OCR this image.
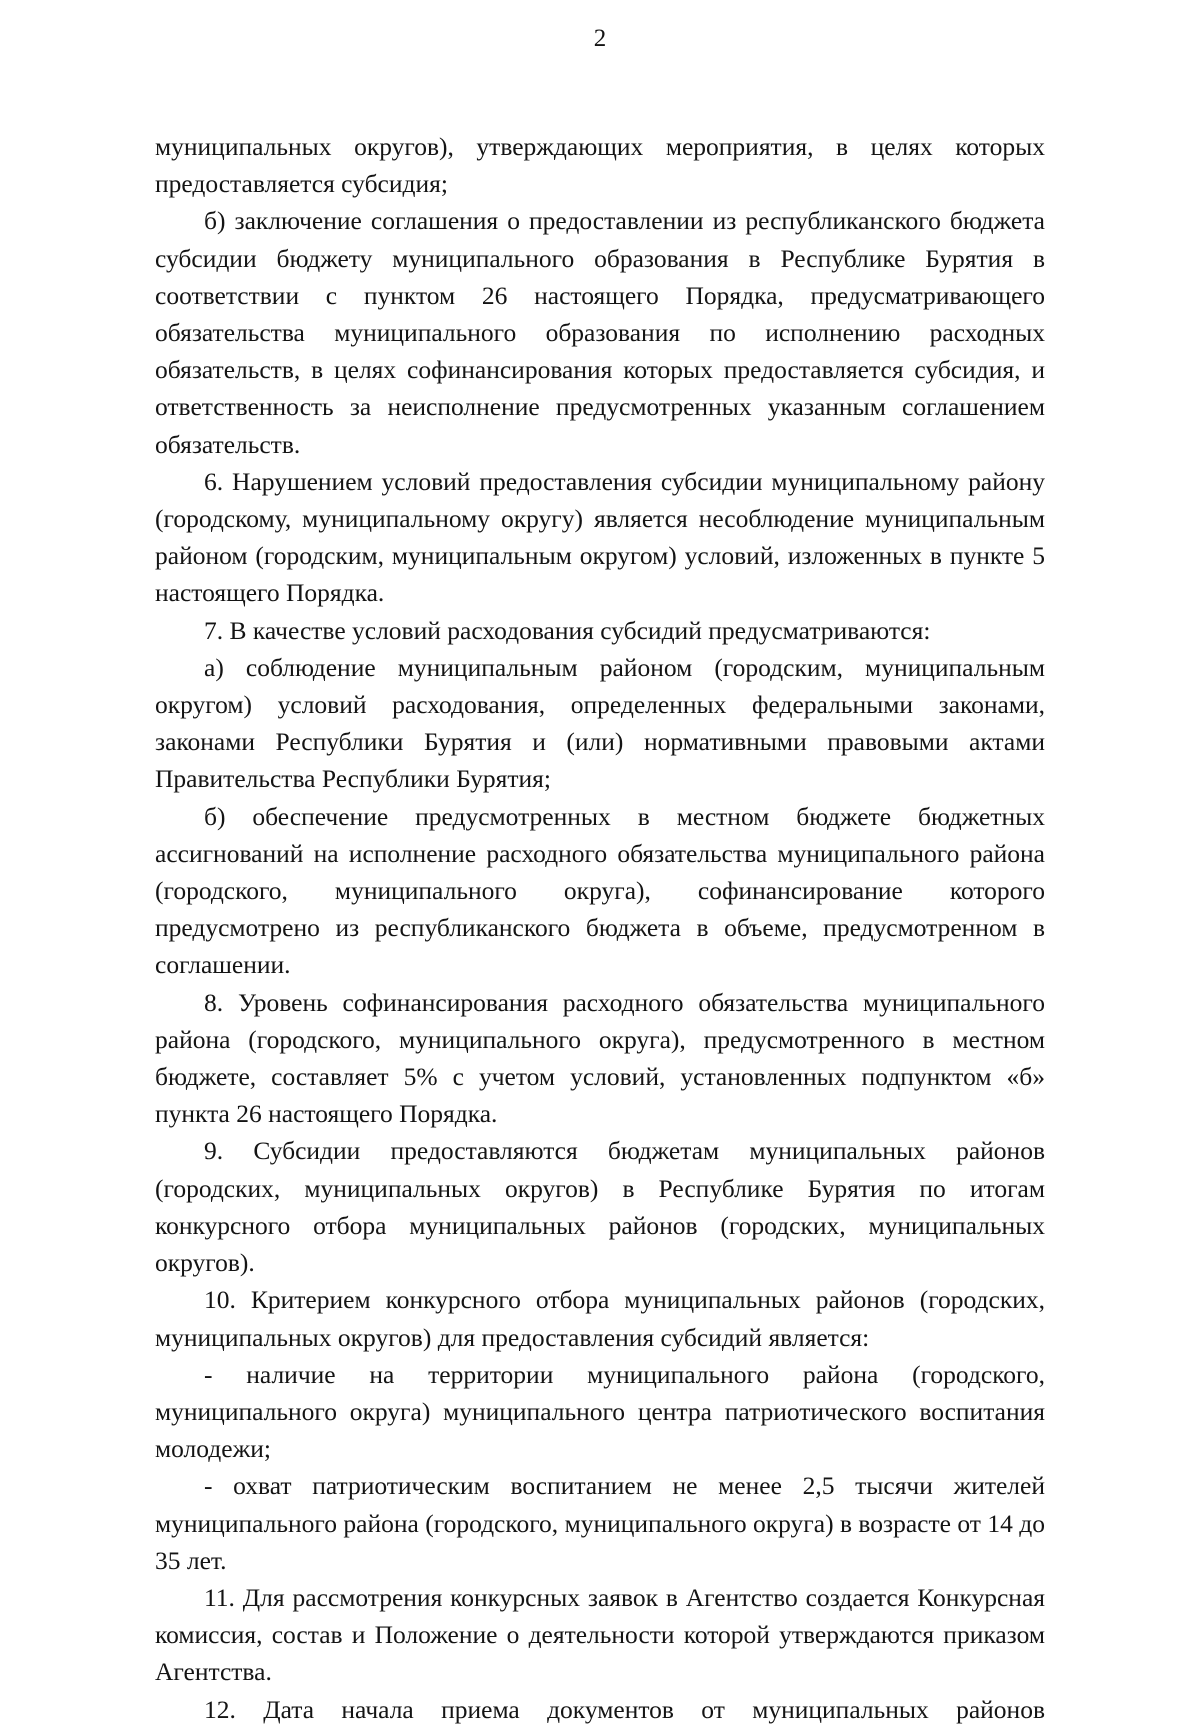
2

муниципальных округов), утверждающих мероприятия, в целях которых предоставляется субсидия;

б) заключение соглашения о предоставлении из республиканского бюджета субсидии бюджету муниципального образования в Республике Бурятия в соответствии с пунктом 26 настоящего Порядка, предусматривающего обязательства муниципального образования по исполнению расходных обязательств, в целях софинансирования которых предоставляется субсидия, и ответственность за неисполнение предусмотренных указанным соглашением обязательств.

6. Нарушением условий предоставления субсидии муниципальному району (городскому, муниципальному округу) является несоблюдение муниципальным районом (городским, муниципальным округом) условий, изложенных в пункте 5 настоящего Порядка.

7. В качестве условий расходования субсидий предусматриваются:

а) соблюдение муниципальным районом (городским, муниципальным округом) условий расходования, определенных федеральными законами, законами Республики Бурятия и (или) нормативными правовыми актами Правительства Республики Бурятия;

б) обеспечение предусмотренных в местном бюджете бюджетных ассигнований на исполнение расходного обязательства муниципального района (городского, муниципального округа), софинансирование которого предусмотрено из республиканского бюджета в объеме, предусмотренном в соглашении.

8. Уровень софинансирования расходного обязательства муниципального района (городского, муниципального округа), предусмотренного в местном бюджете, составляет 5% с учетом условий, установленных подпунктом «б» пункта 26 настоящего Порядка.

9. Субсидии предоставляются бюджетам муниципальных районов (городских, муниципальных округов) в Республике Бурятия по итогам конкурсного отбора муниципальных районов (городских, муниципальных округов).

10. Критерием конкурсного отбора муниципальных районов (городских, муниципальных округов) для предоставления субсидий является:

- наличие на территории муниципального района (городского, муниципального округа) муниципального центра патриотического воспитания молодежи;

- охват патриотическим воспитанием не менее 2,5 тысячи жителей муниципального района (городского, муниципального округа) в возрасте от 14 до 35 лет.

11. Для рассмотрения конкурсных заявок в Агентство создается Конкурсная комиссия, состав и Положение о деятельности которой утверждаются приказом Агентства.

12. Дата начала приема документов от муниципальных районов
